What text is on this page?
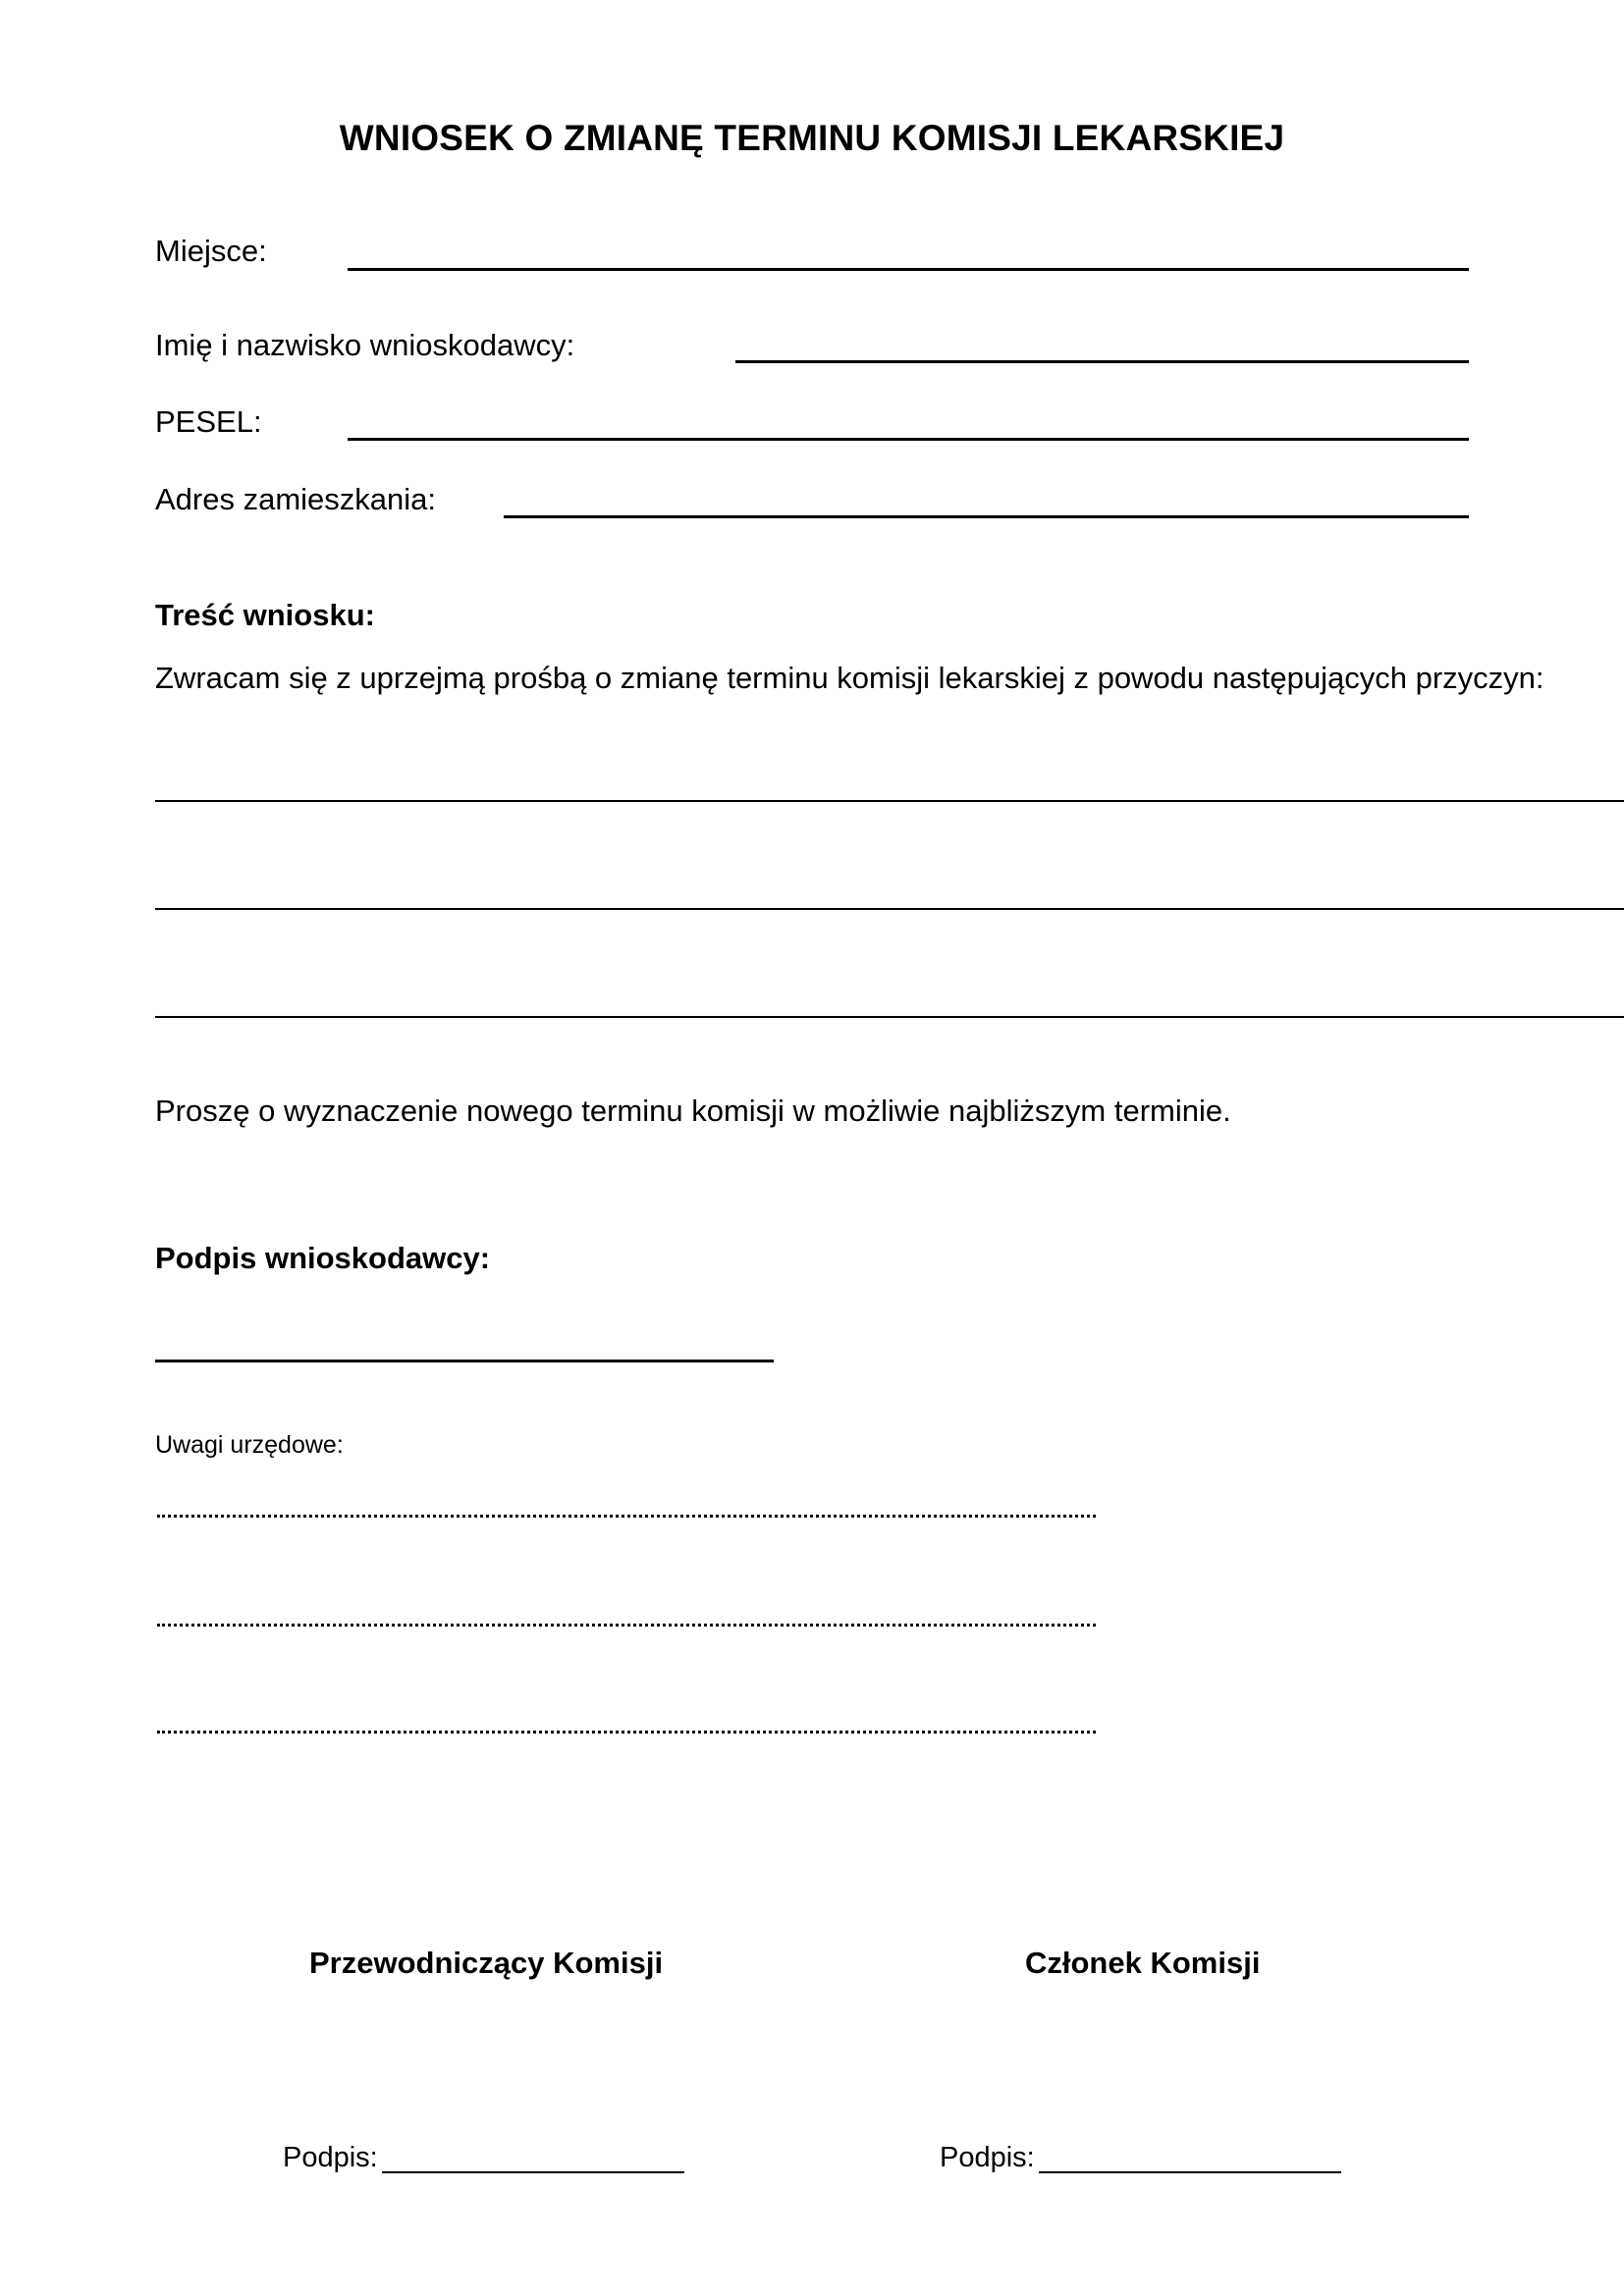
WNIOSEK O ZMIANĘ TERMINU KOMISJI LEKARSKIEJ
Miejsce:
Imię i nazwisko wnioskodawcy:
PESEL:
Adres zamieszkania:
Treść wniosku:
Zwracam się z uprzejmą prośbą o zmianę terminu komisji lekarskiej z powodu następujących przyczyn:
Proszę o wyznaczenie nowego terminu komisji w możliwie najbliższym terminie.
Podpis wnioskodawcy:
Uwagi urzędowe:
Przewodniczący Komisji	Członek Komisji
Podpis:	Podpis:
